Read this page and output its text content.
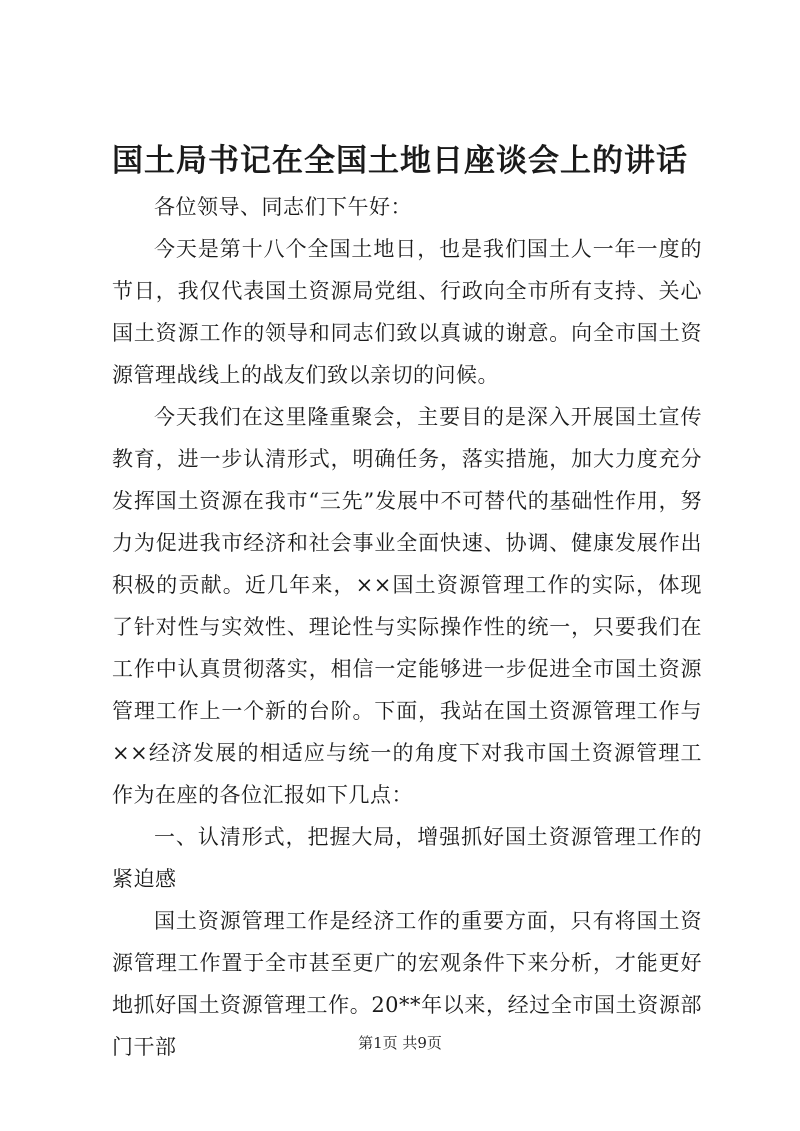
国土局书记在全国土地日座谈会上的讲话

各位领导、同志们下午好：

今天是第十八个全国土地日，也是我们国土人一年一度的节日，我仅代表国土资源局党组、行政向全市所有支持、关心国土资源工作的领导和同志们致以真诚的谢意。向全市国土资源管理战线上的战友们致以亲切的问候。

今天我们在这里隆重聚会，主要目的是深入开展国土宣传教育，进一步认清形式，明确任务，落实措施，加大力度充分发挥国土资源在我市“三先”发展中不可替代的基础性作用，努力为促进我市经济和社会事业全面快速、协调、健康发展作出积极的贡献。近几年来，××国土资源管理工作的实际，体现了针对性与实效性、理论性与实际操作性的统一，只要我们在工作中认真贯彻落实，相信一定能够进一步促进全市国土资源管理工作上一个新的台阶。下面，我站在国土资源管理工作与××经济发展的相适应与统一的角度下对我市国土资源管理工作为在座的各位汇报如下几点：

一、认清形式，把握大局，增强抓好国土资源管理工作的紧迫感

国土资源管理工作是经济工作的重要方面，只有将国土资源管理工作置于全市甚至更广的宏观条件下来分析，才能更好地抓好国土资源管理工作。20**年以来，经过全市国土资源部门干部	第1页 共9页
